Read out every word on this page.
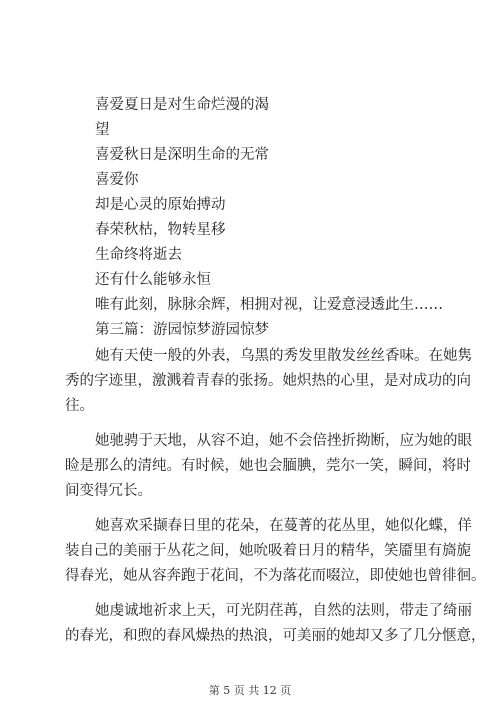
喜爱夏日是对生命烂漫的渴
望
喜爱秋日是深明生命的无常
喜爱你
却是心灵的原始搏动
春荣秋枯，物转星移
生命终将逝去
还有什么能够永恒
唯有此刻，脉脉余辉，相拥对视，让爱意浸透此生……
第三篇：游园惊梦游园惊梦
她有天使一般的外表，乌黑的秀发里散发丝丝香味。在她隽
秀的字迹里，激溅着青春的张扬。她炽热的心里，是对成功的向
往。
她驰骋于天地，从容不迫，她不会倍挫折拗断，应为她的眼
睑是那么的清纯。有时候，她也会腼腆，莞尔一笑，瞬间，将时
间变得冗长。
她喜欢采撷春日里的花朵，在蔓菁的花丛里，她似化蝶，佯
装自己的美丽于丛花之间，她吮吸着日月的精华，笑靥里有旖旎
得春光，她从容奔跑于花间，不为落花而啜泣，即使她也曾徘徊。
她虔诚地祈求上天，可光阴荏苒，自然的法则，带走了绮丽
的春光，和煦的春风燥热的热浪，可美丽的她却又多了几分惬意，
第 5 页 共 12 页
